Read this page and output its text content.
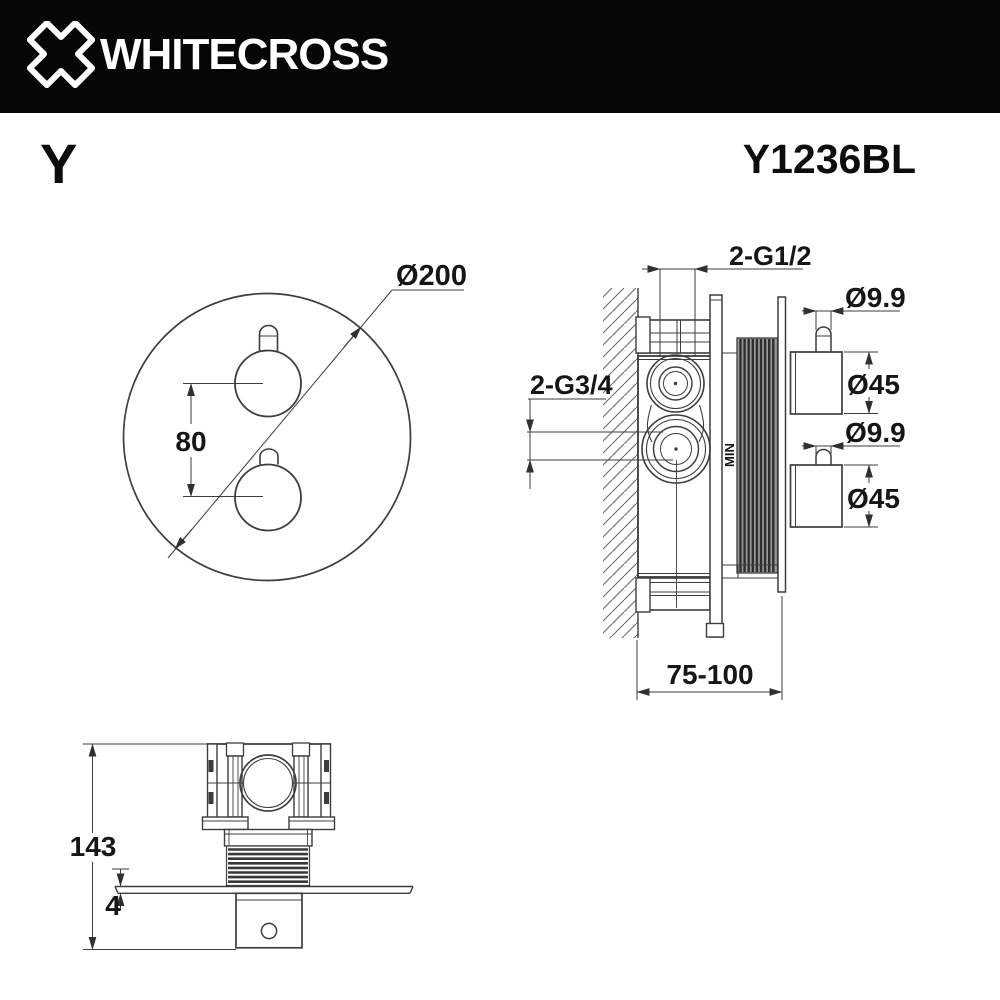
WHITECROSS
Y	Y1236BL
Ø200
80
2-G1/2
2-G3/4
Ø9.9
Ø45
Ø9.9
Ø45
MIN
75-100
143
4
